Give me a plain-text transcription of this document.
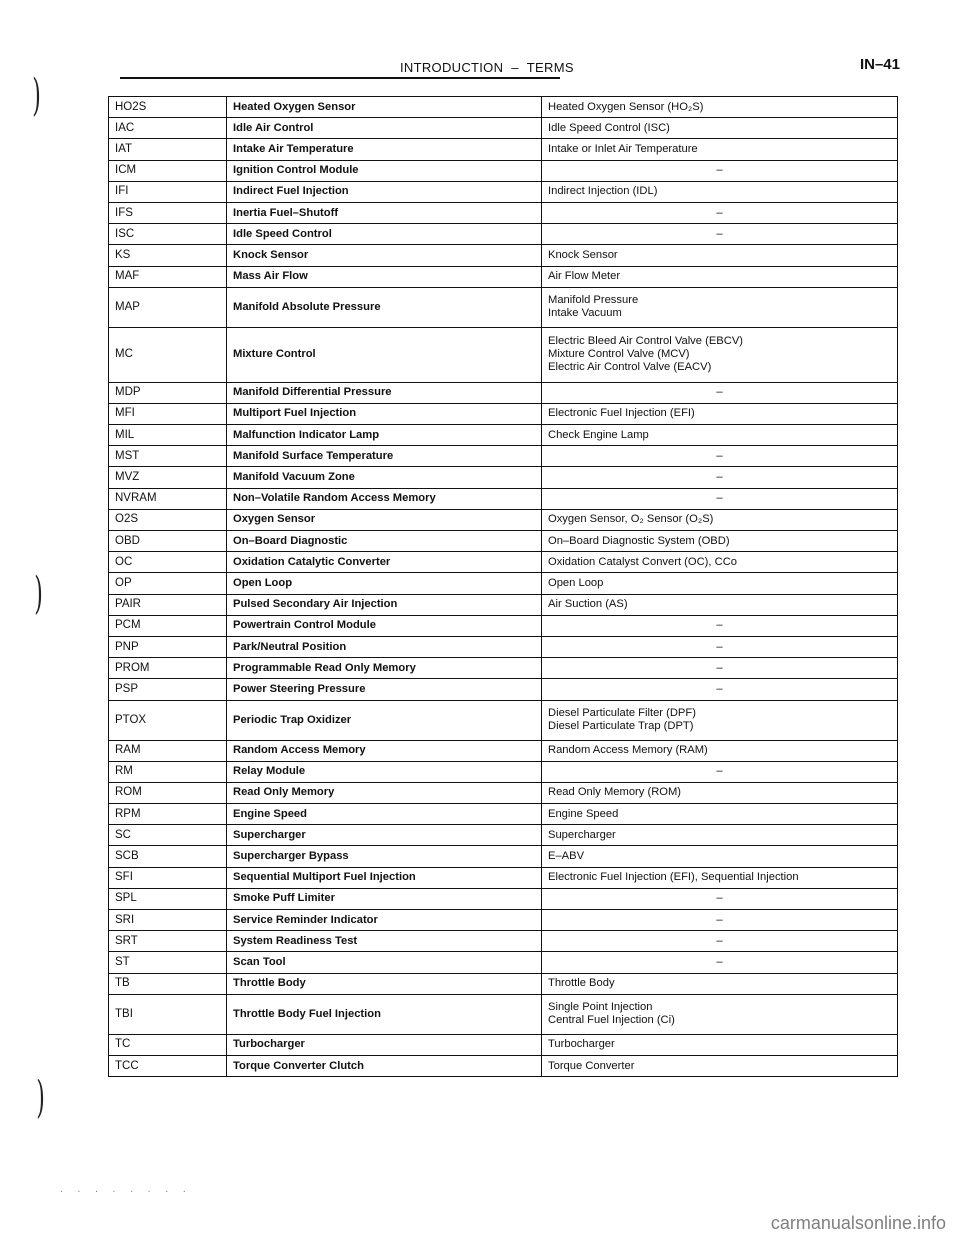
INTRODUCTION – TERMS	IN–41
)
)
)
HO2S	Heated Oxygen Sensor	Heated Oxygen Sensor (HO₂S)

IAC	Idle Air Control	Idle Speed Control (ISC)

IAT	Intake Air Temperature	Intake or Inlet Air Temperature

ICM	Ignition Control Module	–

IFI	Indirect Fuel Injection	Indirect Injection (IDL)

IFS	Inertia Fuel–Shutoff	–

ISC	Idle Speed Control	–

KS	Knock Sensor	Knock Sensor

MAF	Mass Air Flow	Air Flow Meter

MAP	Manifold Absolute Pressure	Manifold Pressure
Intake Vacuum

MC	Mixture Control	Electric Bleed Air Control Valve (EBCV)
Mixture Control Valve (MCV)
Electric Air Control Valve (EACV)

MDP	Manifold Differential Pressure	–

MFI	Multiport Fuel Injection	Electronic Fuel Injection (EFI)

MIL	Malfunction Indicator Lamp	Check Engine Lamp

MST	Manifold Surface Temperature	–

MVZ	Manifold Vacuum Zone	–

NVRAM	Non–Volatile Random Access Memory	–

O2S	Oxygen Sensor	Oxygen Sensor, O₂ Sensor (O₂S)

OBD	On–Board Diagnostic	On–Board Diagnostic System (OBD)

OC	Oxidation Catalytic Converter	Oxidation Catalyst Convert (OC), CCo

OP	Open Loop	Open Loop

PAIR	Pulsed Secondary Air Injection	Air Suction (AS)

PCM	Powertrain Control Module	–

PNP	Park/Neutral Position	–

PROM	Programmable Read Only Memory	–

PSP	Power Steering Pressure	–

PTOX	Periodic Trap Oxidizer	Diesel Particulate Filter (DPF)
Diesel Particulate Trap (DPT)

RAM	Random Access Memory	Random Access Memory (RAM)

RM	Relay Module	–

ROM	Read Only Memory	Read Only Memory (ROM)

RPM	Engine Speed	Engine Speed

SC	Supercharger	Supercharger

SCB	Supercharger Bypass	E–ABV

SFI	Sequential Multiport Fuel Injection	Electronic Fuel Injection (EFI), Sequential Injection

SPL	Smoke Puff Limiter	–

SRI	Service Reminder Indicator	–

SRT	System Readiness Test	–

ST	Scan Tool	–

TB	Throttle Body	Throttle Body

TBI	Throttle Body Fuel Injection	Single Point Injection
Central Fuel Injection (Ci)

TC	Turbocharger	Turbocharger

TCC	Torque Converter Clutch	Torque Converter
. . . . . . . .
carmanualsonline.info
